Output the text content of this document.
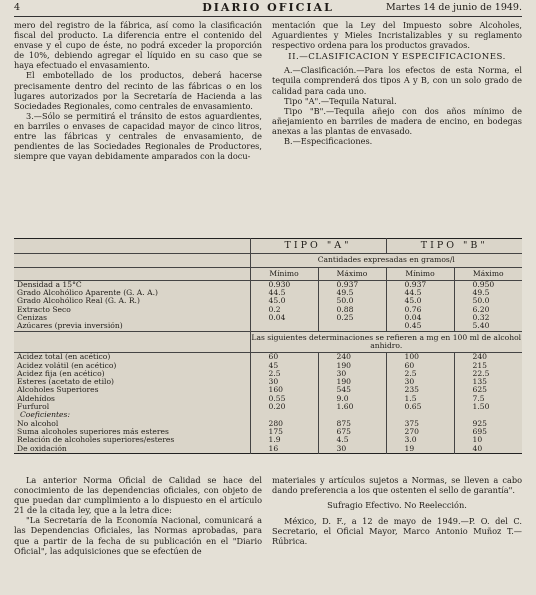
4	DIARIO OFICIAL	Martes 14 de junio de 1949.

mero del registro de la fábrica, así como la clasificación fiscal del producto. La diferencia entre el contenido del envase y el cupo de éste, no podrá exceder la proporción de 10%, debiendo agregar el líquido en su caso que se haya efectuado el envasamiento.

El embotellado de los productos, deberá hacerse precisamente dentro del recinto de las fábricas o en los lugares autorizados por la Secretaría de Hacienda a las Sociedades Regionales, como centrales de envasamiento.

3.—Sólo se permitirá el tránsito de estos aguardientes, en barriles o envases de capacidad mayor de cinco litros, entre las fábricas y centrales de envasamiento, de pendientes de las Sociedades Regionales de Productores, siempre que vayan debidamente amparados con la docu-

mentación que la Ley del Impuesto sobre Alcoholes, Aguardientes y Mieles Incristalizables y su reglamento respectivo ordena para los productos gravados.

II.—CLASIFICACION Y ESPECIFICACIONES.

A.—Clasificación.—Para los efectos de esta Norma, el tequila comprenderá dos tipos A y B, con un solo grado de calidad para cada uno.

Tipo "A".—Tequila Natural.

Tipo "B".—Tequila añejo con dos años mínimo de añejamiento en barriles de madera de encino, en bodegas anexas a las plantas de envasado.

B.—Especificaciones.

	TIPO "A"		TIPO "B"	
	Cantidades expresadas en gramos/l			
	Mínimo	Máximo	Mínimo	Máximo
Densidad a 15°C	0.930	0.937	0.937	0.950
Grado Alcohólico Aparente (G. A. A.)	44.5	49.5	44.5	49.5
Grado Alcohólico Real (G. A. R.)	45.0	50.0	45.0	50.0
Extracto Seco	0.2	0.88	0.76	6.20
Cenizas	0.04	0.25	0.04	0.32
Azúcares (previa inversión)			0.45	5.40
	Las siguientes determinaciones se refieren a mg en 100 ml de alcohol anhidro.			
Acidez total (en acético)	60	240	100	240
Acidez volátil (en acético)	45	190	60	215
Acidez fija (en acético)	2.5	30	2.5	22.5
Esteres (acetato de etilo)	30	190	30	135
Alcoholes Superiores	160	545	235	625
Aldehídos	0.55	9.0	1.5	7.5
Furfurol	0.20	1.60	0.65	1.50
Coeficientes:				
No alcohol	280	875	375	925
Suma alcoholes superiores más esteres	175	675	270	695
Relación de alcoholes superiores/esteres	1.9	4.5	3.0	10
De oxidación	16	30	19	40

La anterior Norma Oficial de Calidad se hace del conocimiento de las dependencias oficiales, con objeto de que puedan dar cumplimiento a lo dispuesto en el artículo 21 de la citada ley, que a la letra dice:

"La Secretaría de la Economía Nacional, comunicará a las Dependencias Oficiales, las Normas aprobadas, para que a partir de la fecha de su publicación en el "Diario Oficial", las adquisiciones que se efectúen de

materiales y artículos sujetos a Normas, se lleven a cabo dando preferencia a los que ostenten el sello de garantía".

Sufragio Efectivo. No Reelección.

México, D. F., a 12 de mayo de 1949.—P. O. del C. Secretario, el Oficial Mayor, Marco Antonio Muñoz T.—Rúbrica.
